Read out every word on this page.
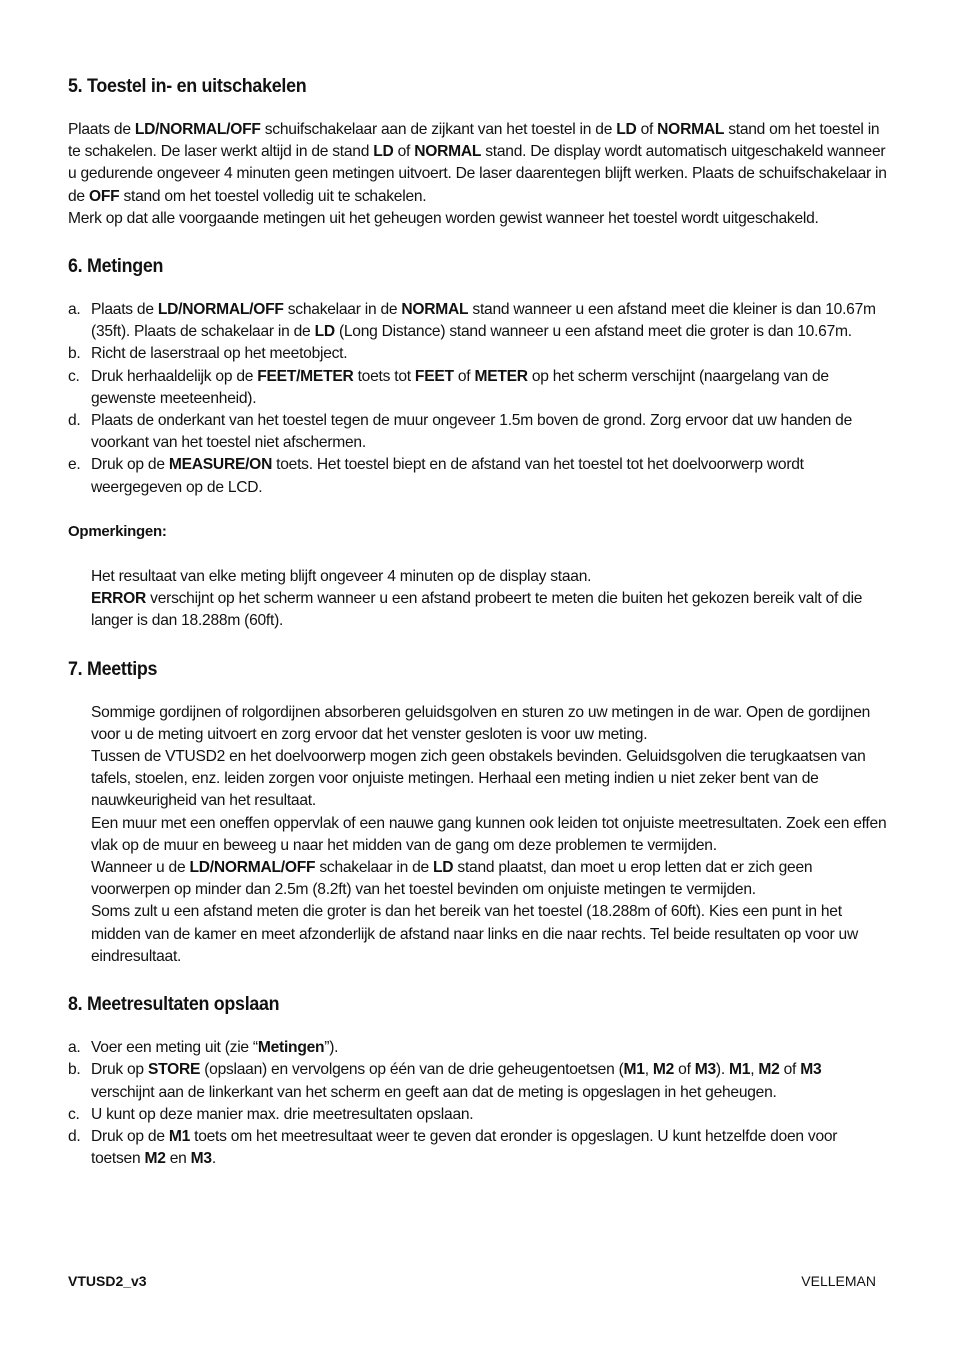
5. Toestel in- en uitschakelen

Plaats de LD/NORMAL/OFF schuifschakelaar aan de zijkant van het toestel in de LD of NORMAL stand om het toestel in te schakelen. De laser werkt altijd in de stand LD of NORMAL stand. De display wordt automatisch uitgeschakeld wanneer u gedurende ongeveer 4 minuten geen metingen uitvoert. De laser daarentegen blijft werken. Plaats de schuifschakelaar in de OFF stand om het toestel volledig uit te schakelen.

Merk op dat alle voorgaande metingen uit het geheugen worden gewist wanneer het toestel wordt uitgeschakeld.

6. Metingen
a. Plaats de LD/NORMAL/OFF schakelaar in de NORMAL stand wanneer u een afstand meet die kleiner is dan 10.67m (35ft). Plaats de schakelaar in de LD (Long Distance) stand wanneer u een afstand meet die groter is dan 10.67m.
b. Richt de laserstraal op het meetobject.
c. Druk herhaaldelijk op de FEET/METER toets tot FEET of METER op het scherm verschijnt (naargelang van de gewenste meeteenheid).
d. Plaats de onderkant van het toestel tegen de muur ongeveer 1.5m boven de grond. Zorg ervoor dat uw handen de voorkant van het toestel niet afschermen.
e. Druk op de MEASURE/ON toets. Het toestel biept en de afstand van het toestel tot het doelvoorwerp wordt weergegeven op de LCD.

Opmerkingen:

Het resultaat van elke meting blijft ongeveer 4 minuten op de display staan.

ERROR verschijnt op het scherm wanneer u een afstand probeert te meten die buiten het gekozen bereik valt of die langer is dan 18.288m (60ft).

7. Meettips

Sommige gordijnen of rolgordijnen absorberen geluidsgolven en sturen zo uw metingen in de war. Open de gordijnen voor u de meting uitvoert en zorg ervoor dat het venster gesloten is voor uw meting.

Tussen de VTUSD2 en het doelvoorwerp mogen zich geen obstakels bevinden. Geluidsgolven die terugkaatsen van tafels, stoelen, enz. leiden zorgen voor onjuiste metingen. Herhaal een meting indien u niet zeker bent van de nauwkeurigheid van het resultaat.

Een muur met een oneffen oppervlak of een nauwe gang kunnen ook leiden tot onjuiste meetresultaten. Zoek een effen vlak op de muur en beweeg u naar het midden van de gang om deze problemen te vermijden.

Wanneer u de LD/NORMAL/OFF schakelaar in de LD stand plaatst, dan moet u erop letten dat er zich geen voorwerpen op minder dan 2.5m (8.2ft) van het toestel bevinden om onjuiste metingen te vermijden.

Soms zult u een afstand meten die groter is dan het bereik van het toestel (18.288m of 60ft). Kies een punt in het midden van de kamer en meet afzonderlijk de afstand naar links en die naar rechts. Tel beide resultaten op voor uw eindresultaat.

8. Meetresultaten opslaan
a. Voer een meting uit (zie “Metingen”).
b. Druk op STORE (opslaan) en vervolgens op één van de drie geheugentoetsen (M1, M2 of M3). M1, M2 of M3 verschijnt aan de linkerkant van het scherm en geeft aan dat de meting is opgeslagen in het geheugen.
c. U kunt op deze manier max. drie meetresultaten opslaan.
d. Druk op de M1 toets om het meetresultaat weer te geven dat eronder is opgeslagen. U kunt hetzelfde doen voor toetsen M2 en M3.
VTUSD2_v3	VELLEMAN
